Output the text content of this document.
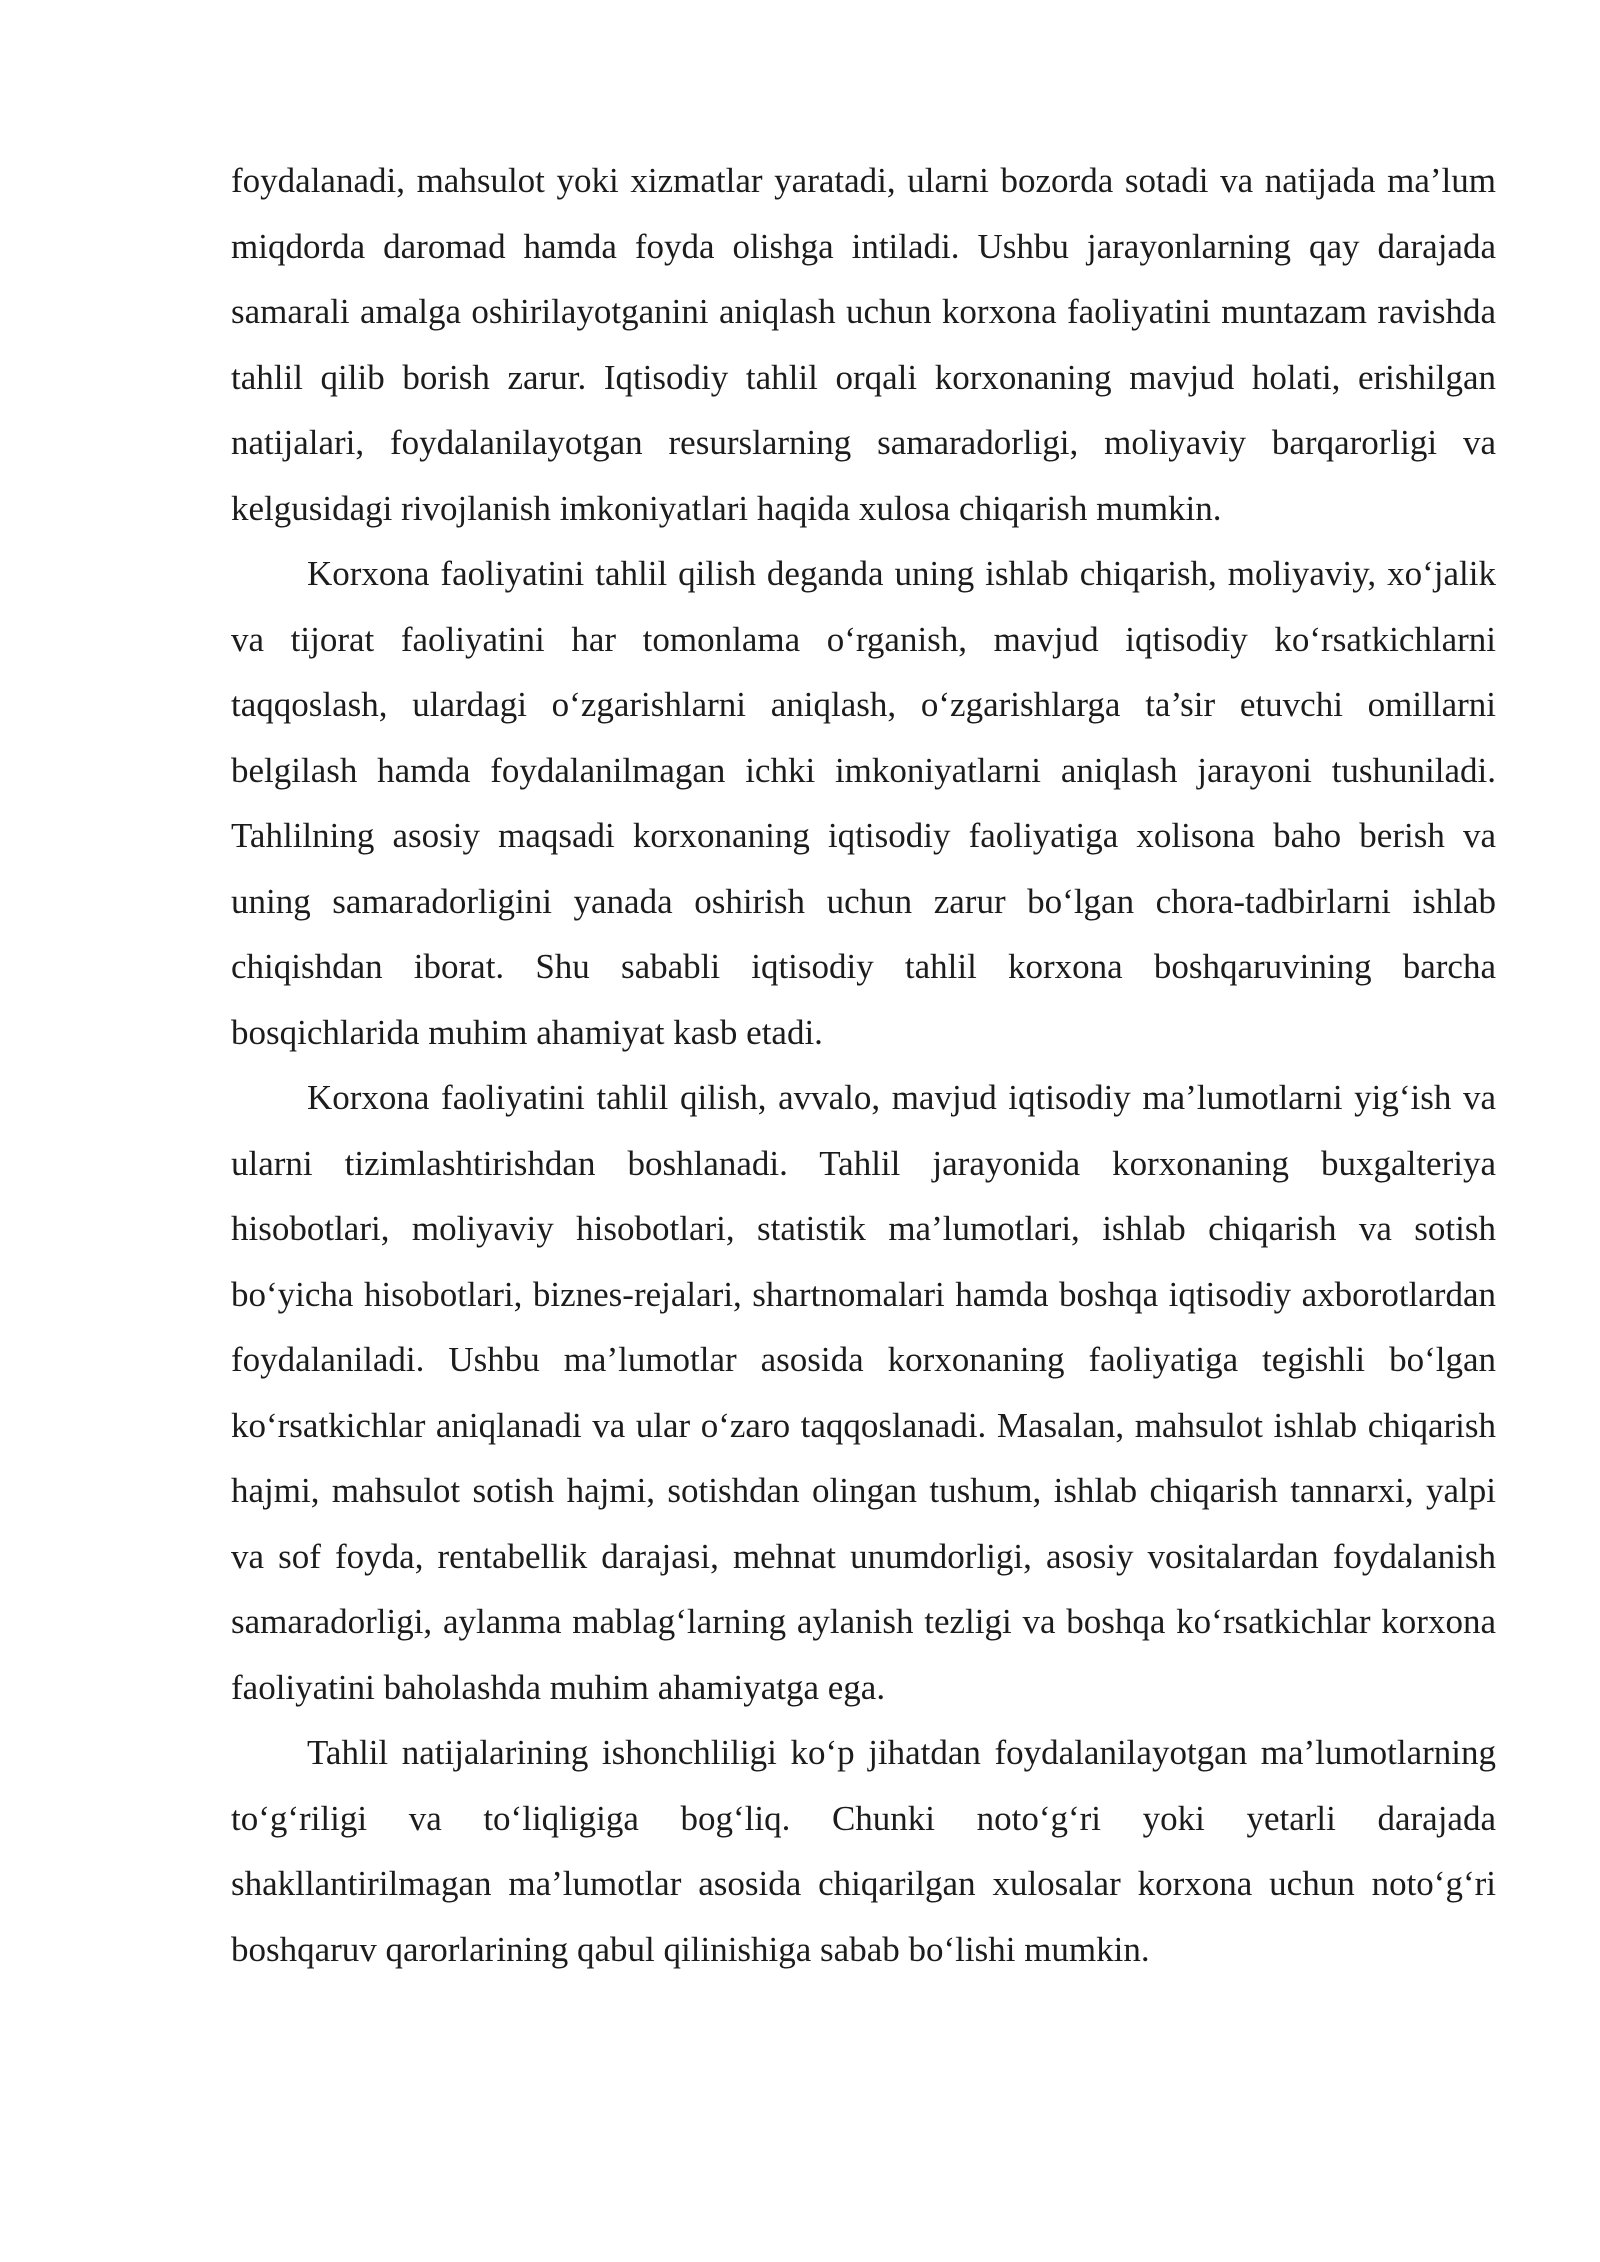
foydalanadi, mahsulot yoki xizmatlar yaratadi, ularni bozorda sotadi va natijada ma’lum miqdorda daromad hamda foyda olishga intiladi. Ushbu jarayonlarning qay darajada samarali amalga oshirilayotganini aniqlash uchun korxona faoliyatini muntazam ravishda tahlil qilib borish zarur. Iqtisodiy tahlil orqali korxonaning mavjud holati, erishilgan natijalari, foydalanilayotgan resurslarning samaradorligi, moliyaviy barqarorligi va kelgusidagi rivojlanish imkoniyatlari haqida xulosa chiqarish mumkin.

Korxona faoliyatini tahlil qilish deganda uning ishlab chiqarish, moliyaviy, xo‘jalik va tijorat faoliyatini har tomonlama o‘rganish, mavjud iqtisodiy ko‘rsatkichlarni taqqoslash, ulardagi o‘zgarishlarni aniqlash, o‘zgarishlarga ta’sir etuvchi omillarni belgilash hamda foydalanilmagan ichki imkoniyatlarni aniqlash jarayoni tushuniladi. Tahlilning asosiy maqsadi korxonaning iqtisodiy faoliyatiga xolisona baho berish va uning samaradorligini yanada oshirish uchun zarur bo‘lgan chora-tadbirlarni ishlab chiqishdan iborat. Shu sababli iqtisodiy tahlil korxona boshqaruvining barcha bosqichlarida muhim ahamiyat kasb etadi.

Korxona faoliyatini tahlil qilish, avvalo, mavjud iqtisodiy ma’lumotlarni yig‘ish va ularni tizimlashtirishdan boshlanadi. Tahlil jarayonida korxonaning buxgalteriya hisobotlari, moliyaviy hisobotlari, statistik ma’lumotlari, ishlab chiqarish va sotish bo‘yicha hisobotlari, biznes-rejalari, shartnomalari hamda boshqa iqtisodiy axborotlardan foydalaniladi. Ushbu ma’lumotlar asosida korxonaning faoliyatiga tegishli bo‘lgan ko‘rsatkichlar aniqlanadi va ular o‘zaro taqqoslanadi. Masalan, mahsulot ishlab chiqarish hajmi, mahsulot sotish hajmi, sotishdan olingan tushum, ishlab chiqarish tannarxi, yalpi va sof foyda, rentabellik darajasi, mehnat unumdorligi, asosiy vositalardan foydalanish samaradorligi, aylanma mablag‘larning aylanish tezligi va boshqa ko‘rsatkichlar korxona faoliyatini baholashda muhim ahamiyatga ega.

Tahlil natijalarining ishonchliligi ko‘p jihatdan foydalanilayotgan ma’lumotlarning to‘g‘riligi va to‘liqligiga bog‘liq. Chunki noto‘g‘ri yoki yetarli darajada shakllantirilmagan ma’lumotlar asosida chiqarilgan xulosalar korxona uchun noto‘g‘ri boshqaruv qarorlarining qabul qilinishiga sabab bo‘lishi mumkin.
